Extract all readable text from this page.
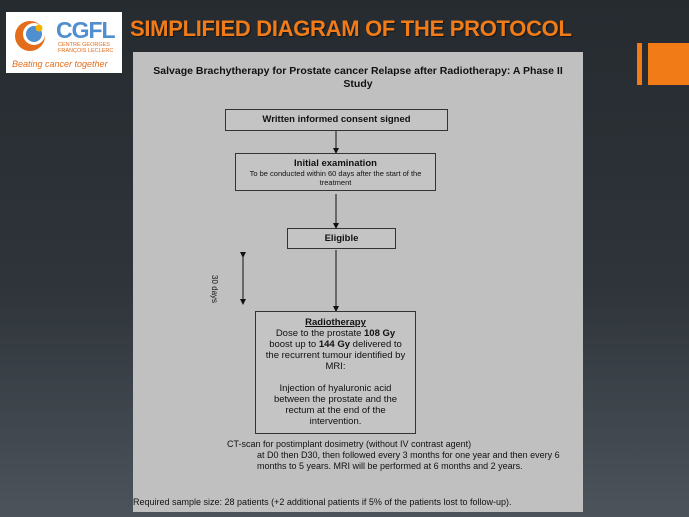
CGFL
CENTRE GEORGES
FRANÇOIS LECLERC
Beating cancer together
SIMPLIFIED DIAGRAM OF THE PROTOCOL
Salvage Brachytherapy for Prostate cancer Relapse after Radiotherapy: A Phase II Study
Written informed consent signed
Initial examination
To be conducted within 60 days after the start of the treatment
Eligible
30 days
Radiotherapy
Dose to the prostate 108 Gy
boost up to 144 Gy delivered to
the recurrent tumour identified by MRI:
Injection of hyaluronic acid between the prostate and the rectum at the end of the intervention.
CT-scan for postimplant dosimetry (without IV contrast agent)
at D0 then D30, then followed every 3 months for one year and then every 6 months to 5 years. MRI will be performed at 6 months and 2 years.
Required sample size: 28 patients (+2 additional patients if 5% of the patients lost to follow-up).
